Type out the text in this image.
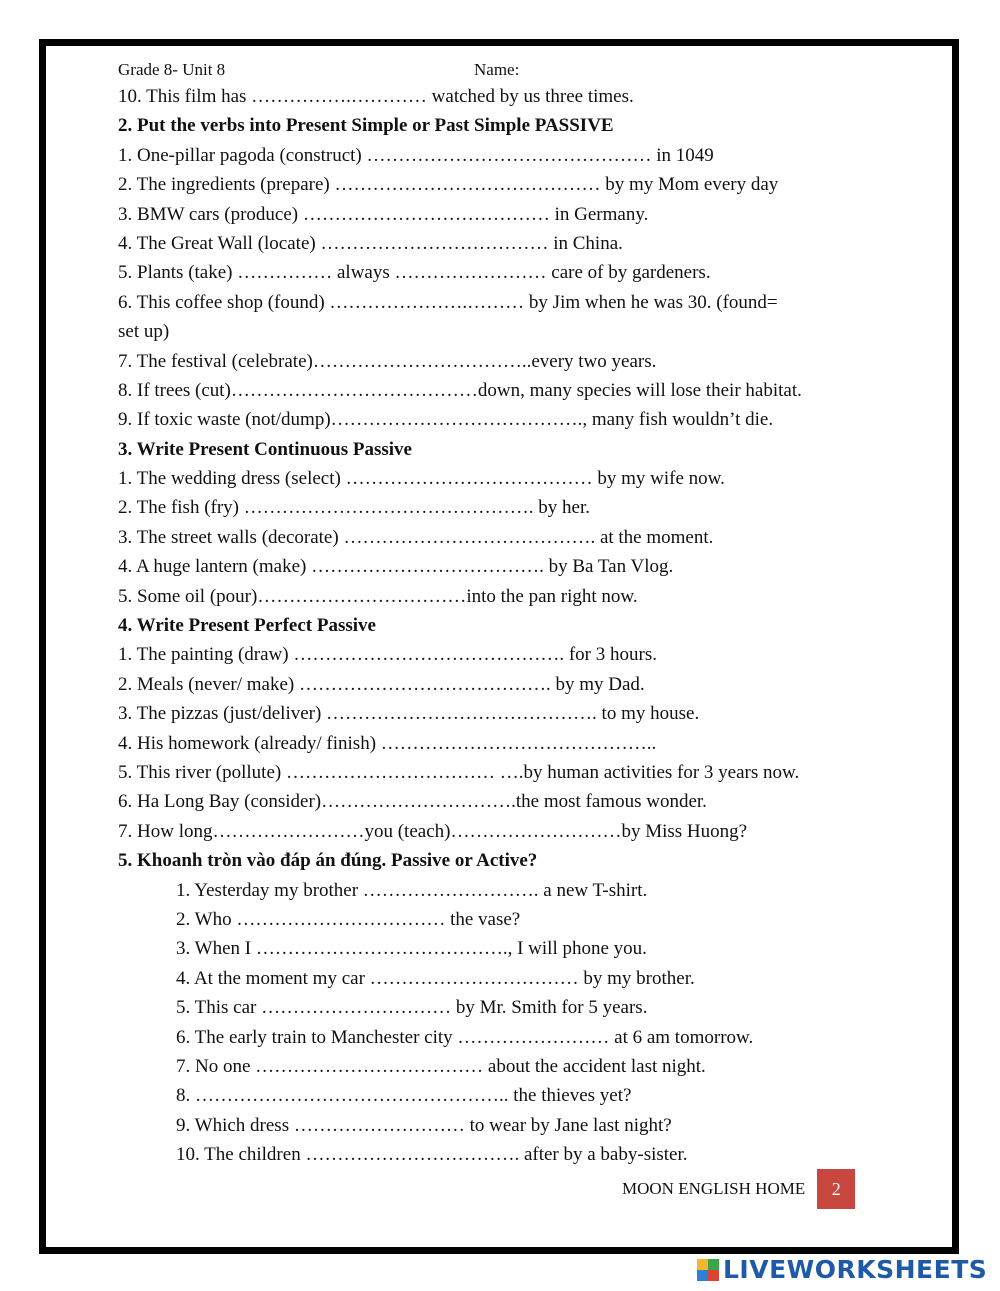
Grade 8- Unit 8	Name:
10. This film has …………….………… watched by us three times.
2. Put the verbs into Present Simple or Past Simple PASSIVE
1. One-pillar pagoda (construct) ……………………………………… in 1049
2. The ingredients (prepare) …………………………………… by my Mom every day
3. BMW cars (produce) ………………………………… in Germany.
4. The Great Wall (locate) ……………………………… in China.
5. Plants (take) …………… always …………………… care of by gardeners.
6. This coffee shop (found) ………………….……… by Jim when he was 30. (found=
set up)
7. The festival (celebrate)……………………………..every two years.
8. If trees (cut)…………………………………down, many species will lose their habitat.
9. If toxic waste (not/dump)…………………………………., many fish wouldn’t die.
3. Write Present Continuous Passive
1. The wedding dress (select) ………………………………… by my wife now.
2. The fish (fry) ………………………………………. by her.
3. The street walls (decorate) …………………………………. at the moment.
4. A huge lantern (make) ………………………………. by Ba Tan Vlog.
5. Some oil (pour)……………………………into the pan right now.
4. Write Present Perfect Passive
1. The painting (draw) ……………………………………. for 3 hours.
2. Meals (never/ make) …………………………………. by my Dad.
3. The pizzas (just/deliver) ……………………………………. to my house.
4. His homework (already/ finish) ……………………………………..
5. This river (pollute) …………………………… ….by human activities for 3 years now.
6. Ha Long Bay (consider)………………………….the most famous wonder.
7. How long……………………you (teach)………………………by Miss Huong?
5. Khoanh tròn vào đáp án đúng. Passive or Active?
1. Yesterday my brother ………………………. a new T-shirt.
2. Who …………………………… the vase?
3. When I …………………………………., I will phone you.
4. At the moment my car …………………………… by my brother.
5. This car ………………………… by Mr. Smith for 5 years.
6. The early train to Manchester city …………………… at 6 am tomorrow.
7. No one ……………………………… about the accident last night.
8. ………………………………………….. the thieves yet?
9. Which dress ……………………… to wear by Jane last night?
10. The children ……………………………. after by a baby-sister.
MOON ENGLISH HOME	2
LIVEWORKSHEETS
